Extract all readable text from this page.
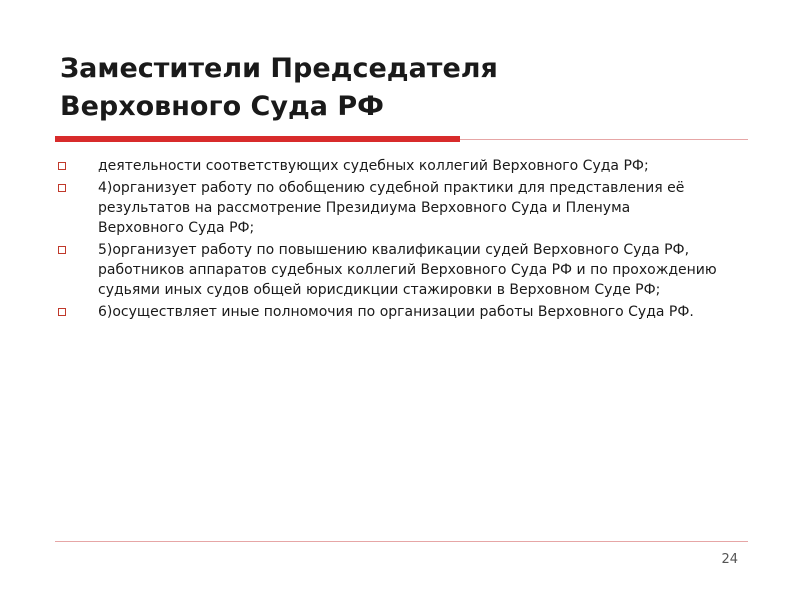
Заместители Председателя
Верховного Суда РФ
деятельности соответствующих судебных коллегий Верховного Суда РФ;
4)организует работу по обобщению судебной практики для представления её результатов на рассмотрение Президиума Верховного Суда и Пленума Верховного Суда РФ;
5)организует работу по повышению квалификации судей Верховного Суда РФ, работников аппаратов судебных коллегий Верховного Суда РФ и по прохождению судьями иных судов общей юрисдикции стажировки в Верховном Суде РФ;
6)осуществляет иные полномочия по организации работы Верховного Суда РФ.
24
